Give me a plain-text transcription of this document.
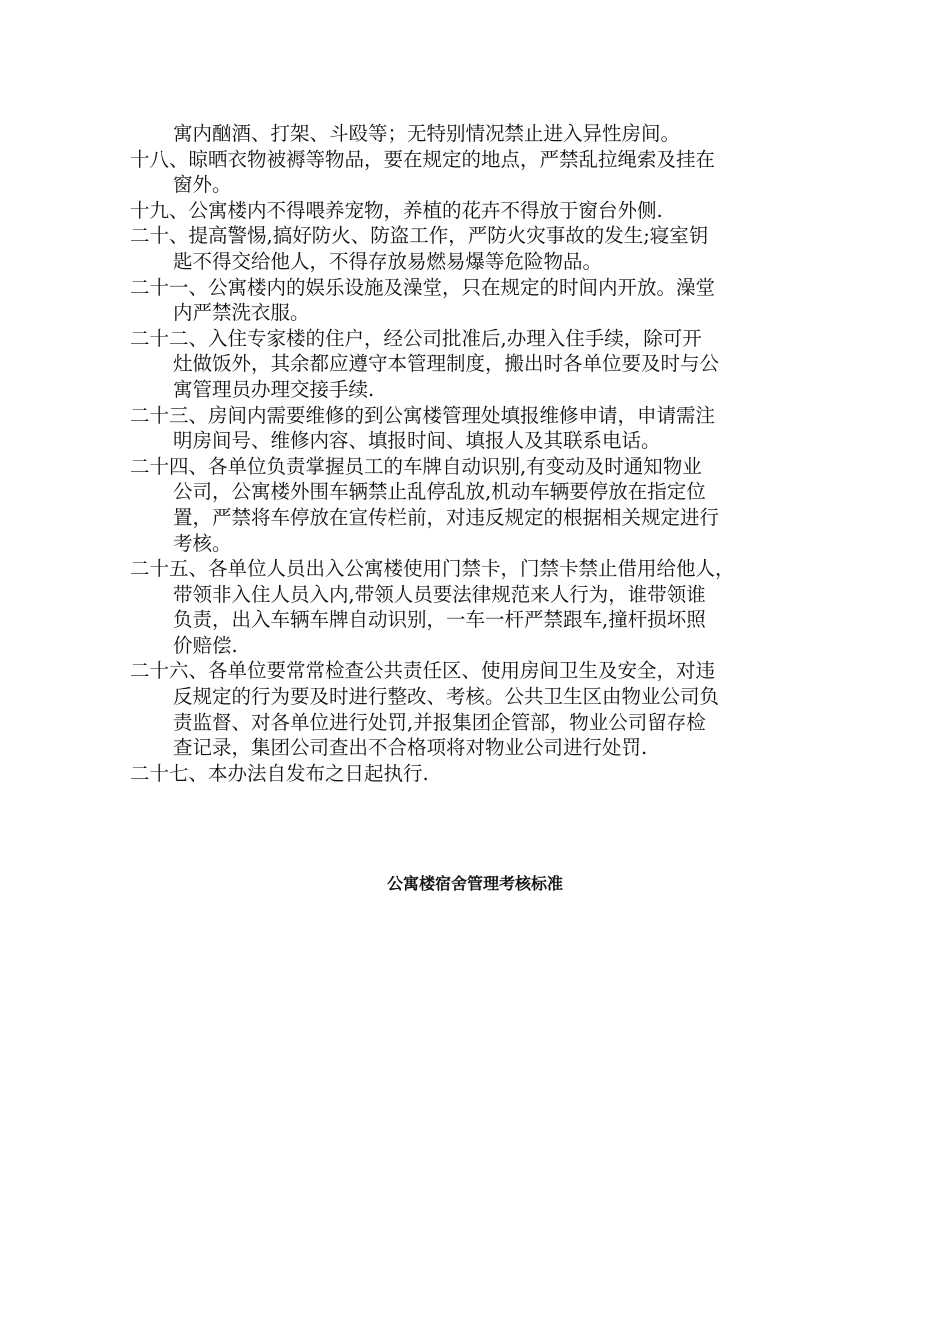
寓内酗酒、打架、斗殴等；无特别情况禁止进入异性房间。

十八、晾晒衣物被褥等物品，要在规定的地点，严禁乱拉绳索及挂在
窗外。

十九、公寓楼内不得喂养宠物，养植的花卉不得放于窗台外侧.

二十、提高警惕,搞好防火、防盗工作，严防火灾事故的发生;寝室钥
匙不得交给他人，不得存放易燃易爆等危险物品。

二十一、公寓楼内的娱乐设施及澡堂，只在规定的时间内开放。澡堂
内严禁洗衣服。

二十二、入住专家楼的住户，经公司批准后,办理入住手续，除可开
灶做饭外，其余都应遵守本管理制度，搬出时各单位要及时与公
寓管理员办理交接手续.

二十三、房间内需要维修的到公寓楼管理处填报维修申请，申请需注
明房间号、维修内容、填报时间、填报人及其联系电话。

二十四、各单位负责掌握员工的车牌自动识别,有变动及时通知物业
公司，公寓楼外围车辆禁止乱停乱放,机动车辆要停放在指定位
置，严禁将车停放在宣传栏前，对违反规定的根据相关规定进行
考核。

二十五、各单位人员出入公寓楼使用门禁卡，门禁卡禁止借用给他人，
带领非入住人员入内,带领人员要法律规范来人行为，谁带领谁
负责，出入车辆车牌自动识别，一车一杆严禁跟车,撞杆损坏照
价赔偿.

二十六、各单位要常常检查公共责任区、使用房间卫生及安全，对违
反规定的行为要及时进行整改、考核。公共卫生区由物业公司负
责监督、对各单位进行处罚,并报集团企管部，物业公司留存检
查记录，集团公司查出不合格项将对物业公司进行处罚.

二十七、本办法自发布之日起执行.

公寓楼宿舍管理考核标准
